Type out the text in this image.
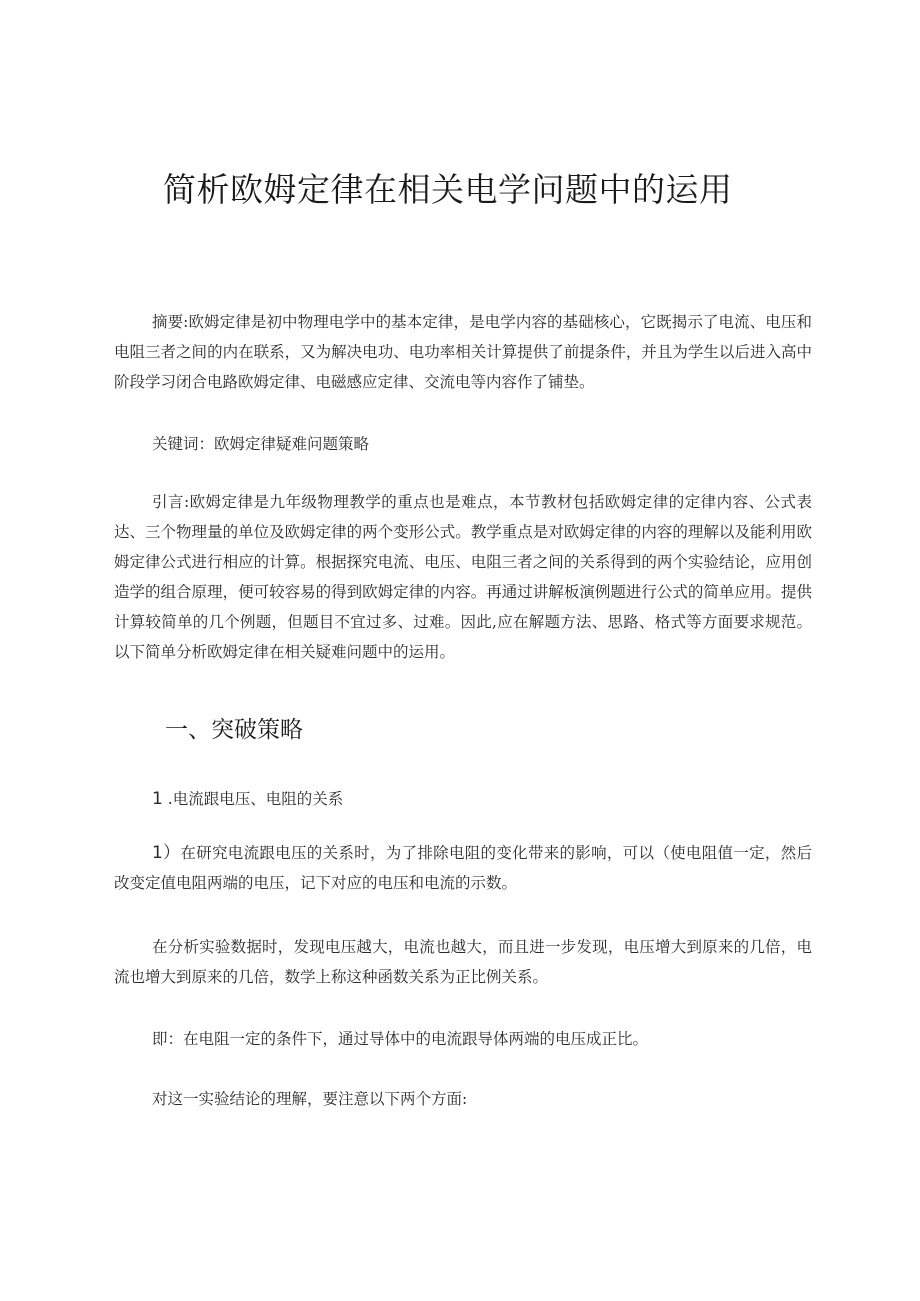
简析欧姆定律在相关电学问题中的运用
摘要:欧姆定律是初中物理电学中的基本定律，是电学内容的基础核心，它既揭示了电流、电压和电阻三者之间的内在联系，又为解决电功、电功率相关计算提供了前提条件，并且为学生以后进入高中阶段学习闭合电路欧姆定律、电磁感应定律、交流电等内容作了铺垫。
关键词：欧姆定律疑难问题策略
引言:欧姆定律是九年级物理教学的重点也是难点，本节教材包括欧姆定律的定律内容、公式表达、三个物理量的单位及欧姆定律的两个变形公式。教学重点是对欧姆定律的内容的理解以及能利用欧姆定律公式进行相应的计算。根据探究电流、电压、电阻三者之间的关系得到的两个实验结论，应用创造学的组合原理，便可较容易的得到欧姆定律的内容。再通过讲解板演例题进行公式的简单应用。提供计算较简单的几个例题，但题目不宜过多、过难。因此,应在解题方法、思路、格式等方面要求规范。以下简单分析欧姆定律在相关疑难问题中的运用。
一、突破策略
1 .电流跟电压、电阻的关系
1）在研究电流跟电压的关系时，为了排除电阻的变化带来的影响，可以（使电阻值一定，然后改变定值电阻两端的电压，记下对应的电压和电流的示数。
在分析实验数据时，发现电压越大，电流也越大，而且进一步发现，电压增大到原来的几倍，电流也增大到原来的几倍，数学上称这种函数关系为正比例关系。
即：在电阻一定的条件下，通过导体中的电流跟导体两端的电压成正比。
对这一实验结论的理解，要注意以下两个方面:
